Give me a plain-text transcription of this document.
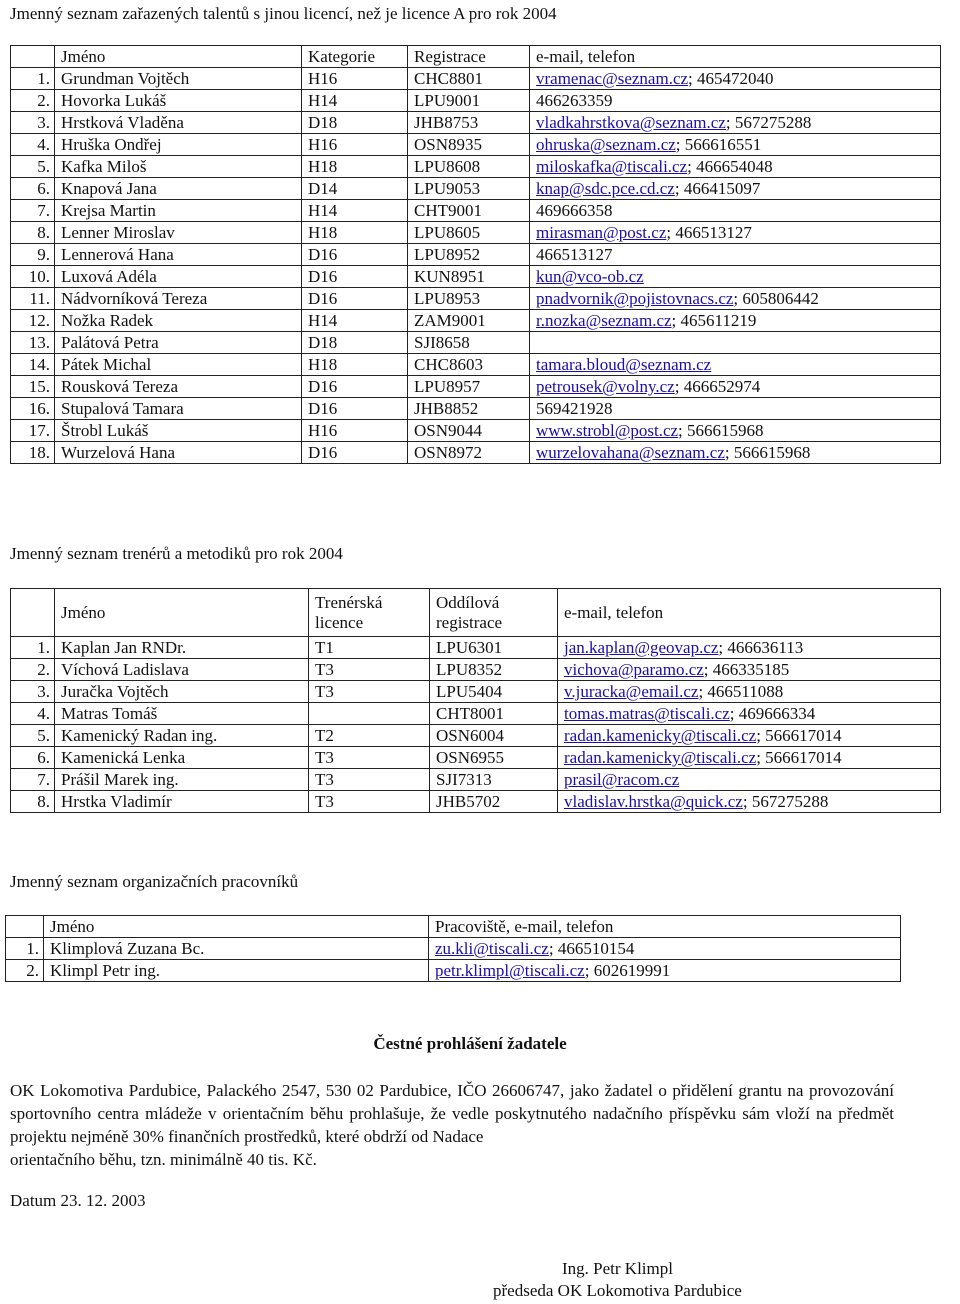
Jmenný seznam zařazených talentů s jinou licencí, než je licence A pro rok 2004

	Jméno	Kategorie	Registrace	e-mail, telefon
1.	Grundman Vojtěch	H16	CHC8801	vramenac@seznam.cz; 465472040
2.	Hovorka Lukáš	H14	LPU9001	466263359
3.	Hrstková Vladěna	D18	JHB8753	vladkahrstkova@seznam.cz; 567275288
4.	Hruška Ondřej	H16	OSN8935	ohruska@seznam.cz; 566616551
5.	Kafka Miloš	H18	LPU8608	miloskafka@tiscali.cz; 466654048
6.	Knapová Jana	D14	LPU9053	knap@sdc.pce.cd.cz; 466415097
7.	Krejsa Martin	H14	CHT9001	469666358
8.	Lenner Miroslav	H18	LPU8605	mirasman@post.cz; 466513127
9.	Lennerová Hana	D16	LPU8952	466513127
10.	Luxová Adéla	D16	KUN8951	kun@vco-ob.cz
11.	Nádvorníková Tereza	D16	LPU8953	pnadvornik@pojistovnacs.cz; 605806442
12.	Nožka Radek	H14	ZAM9001	r.nozka@seznam.cz; 465611219
13.	Palátová Petra	D18	SJI8658	
14.	Pátek Michal	H18	CHC8603	tamara.bloud@seznam.cz
15.	Rousková Tereza	D16	LPU8957	petrousek@volny.cz; 466652974
16.	Stupalová Tamara	D16	JHB8852	569421928
17.	Štrobl Lukáš	H16	OSN9044	www.strobl@post.cz; 566615968
18.	Wurzelová Hana	D16	OSN8972	wurzelovahana@seznam.cz; 566615968

Jmenný seznam trenérů a metodiků pro rok 2004

	Jméno	Trenérská licence	Oddílová registrace	e-mail, telefon
1.	Kaplan Jan RNDr.	T1	LPU6301	jan.kaplan@geovap.cz; 466636113
2.	Víchová Ladislava	T3	LPU8352	vichova@paramo.cz; 466335185
3.	Juračka Vojtěch	T3	LPU5404	v.juracka@email.cz; 466511088
4.	Matras Tomáš		CHT8001	tomas.matras@tiscali.cz; 469666334
5.	Kamenický Radan ing.	T2	OSN6004	radan.kamenicky@tiscali.cz; 566617014
6.	Kamenická Lenka	T3	OSN6955	radan.kamenicky@tiscali.cz; 566617014
7.	Prášil Marek ing.	T3	SJI7313	prasil@racom.cz
8.	Hrstka Vladimír	T3	JHB5702	vladislav.hrstka@quick.cz; 567275288

Jmenný seznam organizačních pracovníků

	Jméno	Pracoviště, e-mail, telefon
1.	Klimplová Zuzana Bc.	zu.kli@tiscali.cz; 466510154
2.	Klimpl Petr ing.	petr.klimpl@tiscali.cz; 602619991
Čestné prohlášení žadatele

OK Lokomotiva Pardubice, Palackého 2547, 530 02 Pardubice, IČO 26606747, jako žadatel o přidělení grantu na provozování sportovního centra mládeže v orientačním běhu prohlašuje, že vedle poskytnutého nadačního příspěvku sám vloží na předmět projektu nejméně 30% finančních prostředků, které obdrží od Nadace

orientačního běhu, tzn. minimálně 40 tis. Kč.

Datum 23. 12. 2003
Ing. Petr Klimpl
předseda OK Lokomotiva Pardubice
